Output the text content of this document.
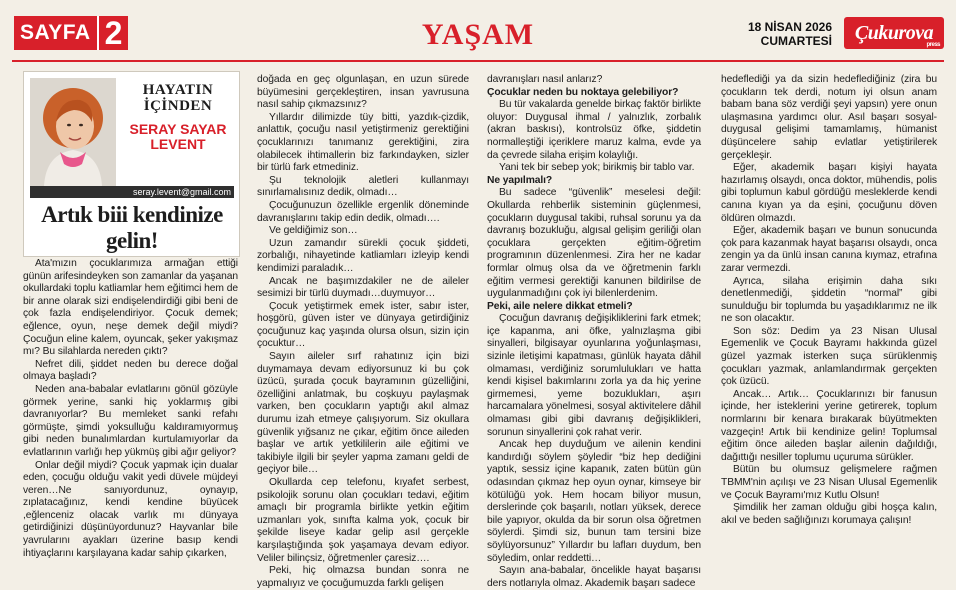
SAYFA 2	YAŞAM	18 NİSAN 2026
CUMARTESİ Çukurova
press
HAYATIN İÇİNDEN
SERAY SAYAR LEVENT
seray.levent@gmail.com
Artık biii kendinize gelin!

Ata'mızın çocuklarımıza armağan ettiği günün arifesindeyken son zamanlar da yaşanan okullardaki toplu katliamlar hem eğitimci hem de bir anne olarak sizi endişelendirdiği gibi beni de çok fazla endişelendiriyor. Çocuk demek; eğlence, oyun, neşe demek değil miydi? Çocuğun eline kalem, oyuncak, şeker yakışmaz mı? Bu silahlarda nereden çıktı?

Nefret dili, şiddet neden bu derece doğal olmaya başladı?

Neden ana-babalar evlatlarını gönül gözüyle görmek yerine, sanki hiç yoklarmış gibi davranıyorlar? Bu memleket sanki refahı görmüşte, şimdi yoksulluğu kaldıramıyormuş gibi neden bunalımlardan kurtulamıyorlar da evlatlarının varlığı hep yükmüş gibi ağır geliyor?

Onlar değil miydi? Çocuk yapmak için dualar eden, çocuğu olduğu vakit yedi düvele müjdeyi veren…Ne sanıyordunuz, oynayıp, zıplatacağınız, kendi kendine büyücek ,eğlenceniz olacak varlık mı dünyaya getirdiğinizi düşünüyordunuz? Hayvanlar bile yavrularını ayakları üzerine basıp kendi ihtiyaçlarını karşılayana kadar sahip çıkarken,

doğada en geç olgunlaşan, en uzun sürede büyümesini gerçekleştiren, insan yavrusuna nasıl sahip çıkmazsınız?

Yıllardır dilimizde tüy bitti, yazdık-çizdik, anlattık, çocuğu nasıl yetiştirmeniz gerektiğini çocuklarınızı tanımanız gerektiğini, zira olabilecek ihtimallerin biz farkındayken, sizler bir türlü fark etmediniz.

Şu teknolojik aletleri kullanmayı sınırlamalısınız dedik, olmadı…

Çocuğunuzun özellikle ergenlik döneminde davranışlarını takip edin dedik, olmadı….

Ve geldiğimiz son…

Uzun zamandır sürekli çocuk şiddeti, zorbalığı, nihayetinde katliamları izleyip kendi kendimizi paraladık…

Ancak ne başımızdakiler ne de aileler sesimizi bir türlü duymadı…duymuyor…

Çocuk yetiştirmek emek ister, sabır ister, hoşgörü, güven ister ve dünyaya getirdiğiniz çocuğunuz kaç yaşında olursa olsun, sizin için çocuktur…

Sayın aileler sırf rahatınız için bizi duymamaya devam ediyorsunuz ki bu çok üzücü, şurada çocuk bayramının güzelliğini, özelliğini anlatmak, bu coşkuyu paylaşmak varken, ben çocukların yaptığı akıl almaz durumu izah etmeye çalışıyorum. Siz okullara güvenlik yığsanız ne çıkar, eğitim önce aileden başlar ve artık yetkililerin aile eğitimi ve takibiyle ilgili bir şeyler yapma zamanı geldi de geçiyor bile…

Okullarda cep telefonu, kıyafet serbest, psikolojik sorunu olan çocukları tedavi, eğitim amaçlı bir programla birlikte yetkin eğitim uzmanları yok, sınıfta kalma yok, çocuk bir şekilde liseye kadar gelip asıl gerçekle karşılaştığında şok yaşamaya devam ediyor. Veliler bilinçsiz, öğretmenler çaresiz….

Peki, hiç olmazsa bundan sonra ne yapmalıyız ve çocuğumuzda farklı gelişen

davranışları nasıl anlarız?

Çocuklar neden bu noktaya gelebiliyor?

Bu tür vakalarda genelde birkaç faktör birlikte oluyor: Duygusal ihmal / yalnızlık, zorbalık (akran baskısı), kontrolsüz öfke, şiddetin normalleştiği içeriklere maruz kalma, evde ya da çevrede silaha erişim kolaylığı.

Yani tek bir sebep yok; birikmiş bir tablo var.

Ne yapılmalı?

Bu sadece “güvenlik” meselesi değil: Okullarda rehberlik sisteminin güçlenmesi, çocukların duygusal takibi, ruhsal sorunu ya da davranış bozukluğu, algısal gelişim geriliği olan çocuklara gerçekten eğitim-öğretim programının düzenlenmesi. Zira her ne kadar formlar olmuş olsa da ve öğretmenin farklı eğitim vermesi gerektiği kanunen bildirilse de uygulanmadığını çok iyi bilenlerdenim.

Peki, aile nelere dikkat etmeli?

Çocuğun davranış değişikliklerini fark etmek; içe kapanma, ani öfke, yalnızlaşma gibi sinyalleri, bilgisayar oyunlarına yoğunlaşması, sizinle iletişimi kapatması, günlük hayata dâhil olmaması, verdiğiniz sorumlulukları ve hatta kendi kişisel bakımlarını zorla ya da hiç yerine girmemesi, yeme bozuklukları, aşırı harcamalara yönelmesi, sosyal aktivitelere dâhil olmaması gibi gibi davranış değişiklikleri, sorunun sinyallerini çok rahat verir.

Ancak hep duyduğum ve ailenin kendini kandırdığı söylem şöyledir “biz hep dediğini yaptık, sessiz içine kapanık, zaten bütün gün odasından çıkmaz hep oyun oynar, kimseye bir kötülüğü yok. Hem hocam biliyor musun, derslerinde çok başarılı, notları yüksek, derece bile yapıyor, okulda da bir sorun olsa öğretmen söylerdi. Şimdi siz, bunun tam tersini bize söylüyorsunuz” Yıllardır bu lafları duydum, ben söyledim, onlar reddetti…

Sayın ana-babalar, öncelikle hayat başarısı ders notlarıyla olmaz. Akademik başarı sadece

hedeflediği ya da sizin hedeflediğiniz (zira bu çocukların tek derdi, notum iyi olsun anam babam bana söz verdiği şeyi yapsın) yere onun ulaşmasına yardımcı olur. Asıl başarı sosyal-duygusal gelişimi tamamlamış, hümanist düşüncelere sahip evlatlar yetiştirilerek gerçekleşir.

Eğer, akademik başarı kişiyi hayata hazırlamış olsaydı, onca doktor, mühendis, polis gibi toplumun kabul gördüğü mesleklerde kendi canına kıyan ya da eşini, çocuğunu döven öldüren olmazdı.

Eğer, akademik başarı ve bunun sonucunda çok para kazanmak hayat başarısı olsaydı, onca zengin ya da ünlü insan canına kıymaz, etrafına zarar vermezdi.

Ayrıca, silaha erişimin daha sıkı denetlenmediği, şiddetin “normal” gibi sunulduğu bir toplumda bu yaşadıklarımız ne ilk ne son olacaktır.

Son söz: Dedim ya 23 Nisan Ulusal Egemenlik ve Çocuk Bayramı hakkında güzel güzel yazmak isterken suça sürüklenmiş çocukları yazmak, anlamlandırmak gerçekten çok üzücü.

Ancak… Artık… Çocuklarınızı bir fanusun içinde, her isteklerini yerine getirerek, toplum normlarını bir kenara bırakarak büyütmekten vazgeçin! Artık bii kendinize gelin! Toplumsal eğitim önce aileden başlar ailenin dağıldığı, dağıttığı nesiller toplumu uçuruma sürükler.

Bütün bu olumsuz gelişmelere rağmen TBMM'nin açılışı ve 23 Nisan Ulusal Egemenlik ve Çocuk Bayramı'mız Kutlu Olsun!

Şimdilik her zaman olduğu gibi hoşça kalın, akıl ve beden sağlığınızı korumaya çalışın!
